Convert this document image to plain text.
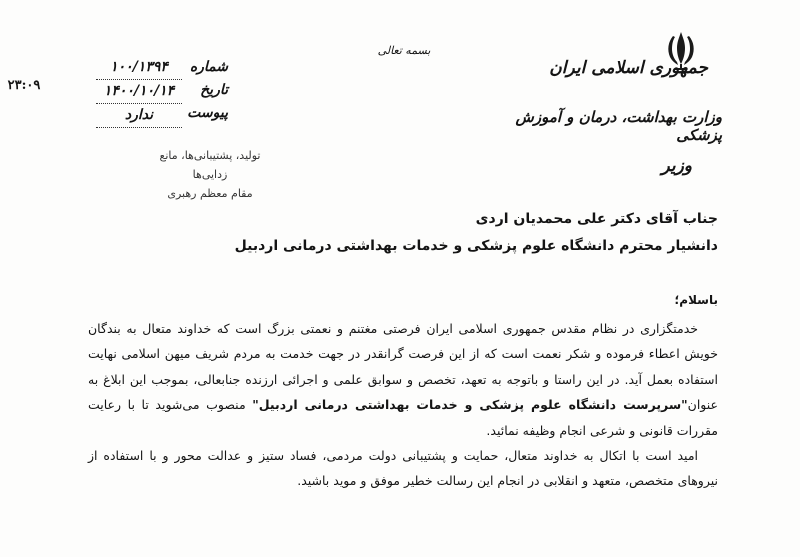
جمهوری اسلامی ایران
وزارت بهداشت، درمان و آموزش پزشکی
وزیر
بسمه تعالی
شماره
تاریخ
پیوست
۱۰۰/۱۳۹۴
۱۴۰۰/۱۰/۱۴
ندارد
۲۳:۰۹
تولید، پشتیبانی‌ها، مانع زدایی‌ها
مقام معظم رهبری
جناب آقای دکتر علی محمدیان اردی
دانشیار محترم دانشگاه علوم پزشکی و خدمات بهداشتی درمانی اردبیل
باسلام؛

خدمتگزاری در نظام مقدس جمهوری اسلامی ایران فرصتی مغتنم و نعمتی بزرگ است که خداوند متعال به بندگان خویش اعطاء فرموده و شکر نعمت است که از این فرصت گرانقدر در جهت خدمت به مردم شریف میهن اسلامی نهایت استفاده بعمل آید. در این راستا و باتوجه به تعهد، تخصص و سوابق علمی و اجرائی ارزنده جنابعالی، بموجب این ابلاغ به عنوان"سرپرست دانشگاه علوم پزشکی و خدمات بهداشتی درمانی اردبیل" منصوب می‌شوید تا با رعایت مقررات قانونی و شرعی انجام وظیفه نمائید.

امید است با اتکال به خداوند متعال، حمایت و پشتیبانی دولت مردمی، فساد ستیز و عدالت محور و با استفاده از نیروهای متخصص، متعهد و انقلابی در انجام این رسالت خطیر موفق و موید باشید.
